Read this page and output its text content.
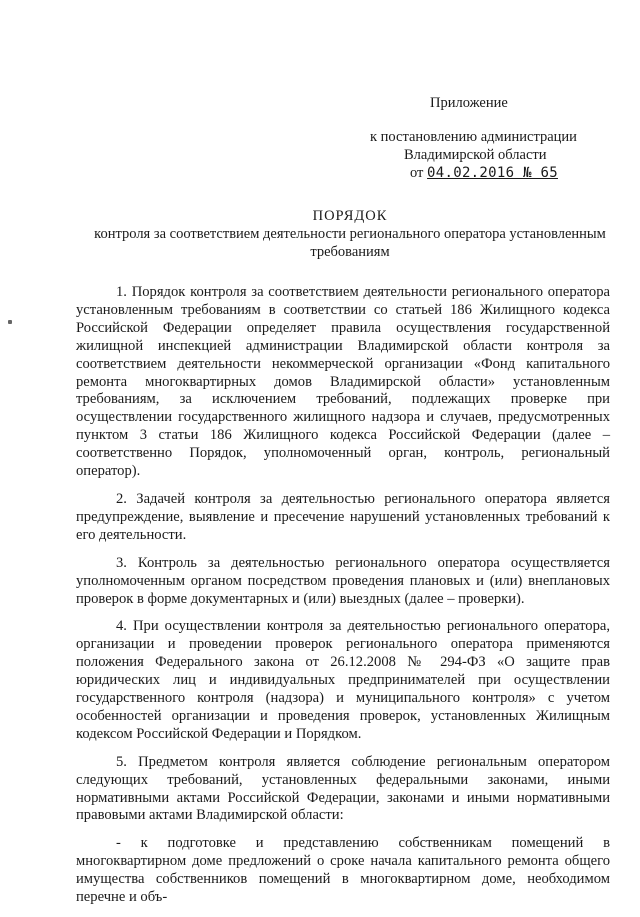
Приложение
к постановлению администрации
Владимирской области
от 04.02.2016 № 65
ПОРЯДОК
контроля за соответствием деятельности регионального оператора установленным требованиям

1. Порядок контроля за соответствием деятельности регионального оператора установленным требованиям в соответствии со статьей 186 Жилищного кодекса Российской Федерации определяет правила осуществления государственной жилищной инспекцией администрации Владимирской области контроля за соответствием деятельности некоммерческой организации «Фонд капитального ремонта многоквартирных домов Владимирской области» установленным требованиям, за исключением требований, подлежащих проверке при осуществлении государственного жилищного надзора и случаев, предусмотренных пунктом 3 статьи 186 Жилищного кодекса Российской Федерации (далее – соответственно Порядок, уполномоченный орган, контроль, региональный оператор).

2. Задачей контроля за деятельностью регионального оператора является предупреждение, выявление и пресечение нарушений установленных требований к его деятельности.

3. Контроль за деятельностью регионального оператора осуществляется уполномоченным органом посредством проведения плановых и (или) внеплановых проверок в форме документарных и (или) выездных (далее – проверки).

4. При осуществлении контроля за деятельностью регионального оператора, организации и проведении проверок регионального оператора применяются положения Федерального закона от 26.12.2008 № 294-ФЗ «О защите прав юридических лиц и индивидуальных предпринимателей при осуществлении государственного контроля (надзора) и муниципального контроля» с учетом особенностей организации и проведения проверок, установленных Жилищным кодексом Российской Федерации и Порядком.

5. Предметом контроля является соблюдение региональным оператором следующих требований, установленных федеральными законами, иными нормативными актами Российской Федерации, законами и иными нормативными правовыми актами Владимирской области:

- к подготовке и представлению собственникам помещений в многоквартирном доме предложений о сроке начала капитального ремонта общего имущества собственников помещений в многоквартирном доме, необходимом перечне и объ-
